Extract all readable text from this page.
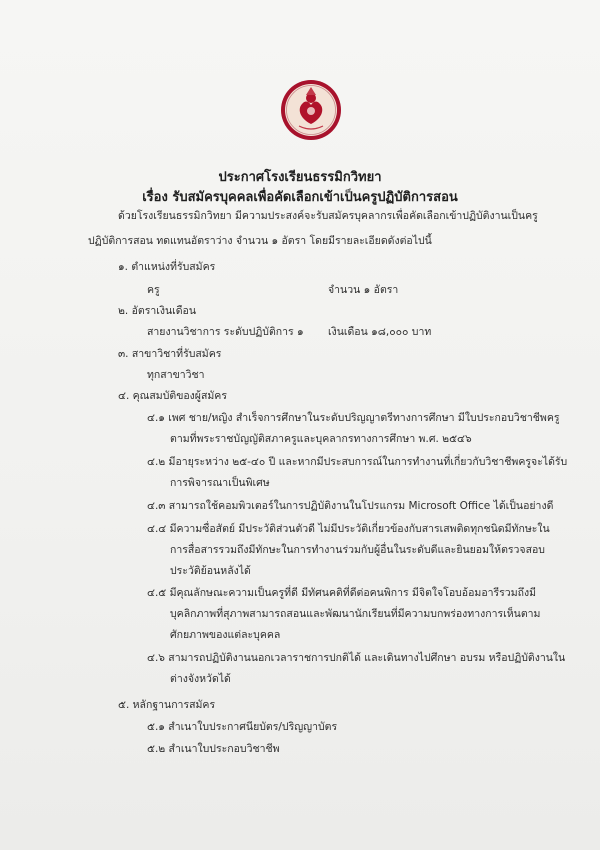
ประกาศโรงเรียนธรรมิกวิทยา
เรื่อง รับสมัครบุคคลเพื่อคัดเลือกเข้าเป็นครูปฏิบัติการสอน
ด้วยโรงเรียนธรรมิกวิทยา มีความประสงค์จะรับสมัครบุคลากรเพื่อคัดเลือกเข้าปฏิบัติงานเป็นครู
ปฏิบัติการสอน ทดแทนอัตราว่าง จำนวน ๑ อัตรา โดยมีรายละเอียดดังต่อไปนี้
๑. ตำแหน่งที่รับสมัคร
ครู	จำนวน ๑ อัตรา
๒. อัตราเงินเดือน
สายงานวิชาการ ระดับปฏิบัติการ ๑ เงินเดือน ๑๘,๐๐๐ บาท
๓. สาขาวิชาที่รับสมัคร
ทุกสาขาวิชา
๔. คุณสมบัติของผู้สมัคร
๔.๑ เพศ ชาย/หญิง สำเร็จการศึกษาในระดับปริญญาตรีทางการศึกษา มีใบประกอบวิชาชีพครู
ตามที่พระราชบัญญัติสภาครูและบุคลากรทางการศึกษา พ.ศ. ๒๕๔๖
๔.๒ มีอายุระหว่าง ๒๕-๔๐ ปี และหากมีประสบการณ์ในการทำงานที่เกี่ยวกับวิชาชีพครูจะได้รับ
การพิจารณาเป็นพิเศษ
๔.๓ สามารถใช้คอมพิวเตอร์ในการปฏิบัติงานในโปรแกรม Microsoft Office ได้เป็นอย่างดี
๔.๔ มีความซื่อสัตย์ มีประวัติส่วนตัวดี ไม่มีประวัติเกี่ยวข้องกับสารเสพติดทุกชนิดมีทักษะใน
การสื่อสารรวมถึงมีทักษะในการทำงานร่วมกับผู้อื่นในระดับดีและยินยอมให้ตรวจสอบ
ประวัติย้อนหลังได้
๔.๕ มีคุณลักษณะความเป็นครูที่ดี มีทัศนคติที่ดีต่อคนพิการ มีจิตใจโอบอ้อมอารีรวมถึงมี
บุคลิกภาพที่สุภาพสามารถสอนและพัฒนานักเรียนที่มีความบกพร่องทางการเห็นตาม
ศักยภาพของแต่ละบุคคล
๔.๖ สามารถปฏิบัติงานนอกเวลาราชการปกติได้ และเดินทางไปศึกษา อบรม หรือปฏิบัติงานใน
ต่างจังหวัดได้
๕. หลักฐานการสมัคร
๕.๑ สำเนาใบประกาศนียบัตร/ปริญญาบัตร
๕.๒ สำเนาใบประกอบวิชาชีพ
